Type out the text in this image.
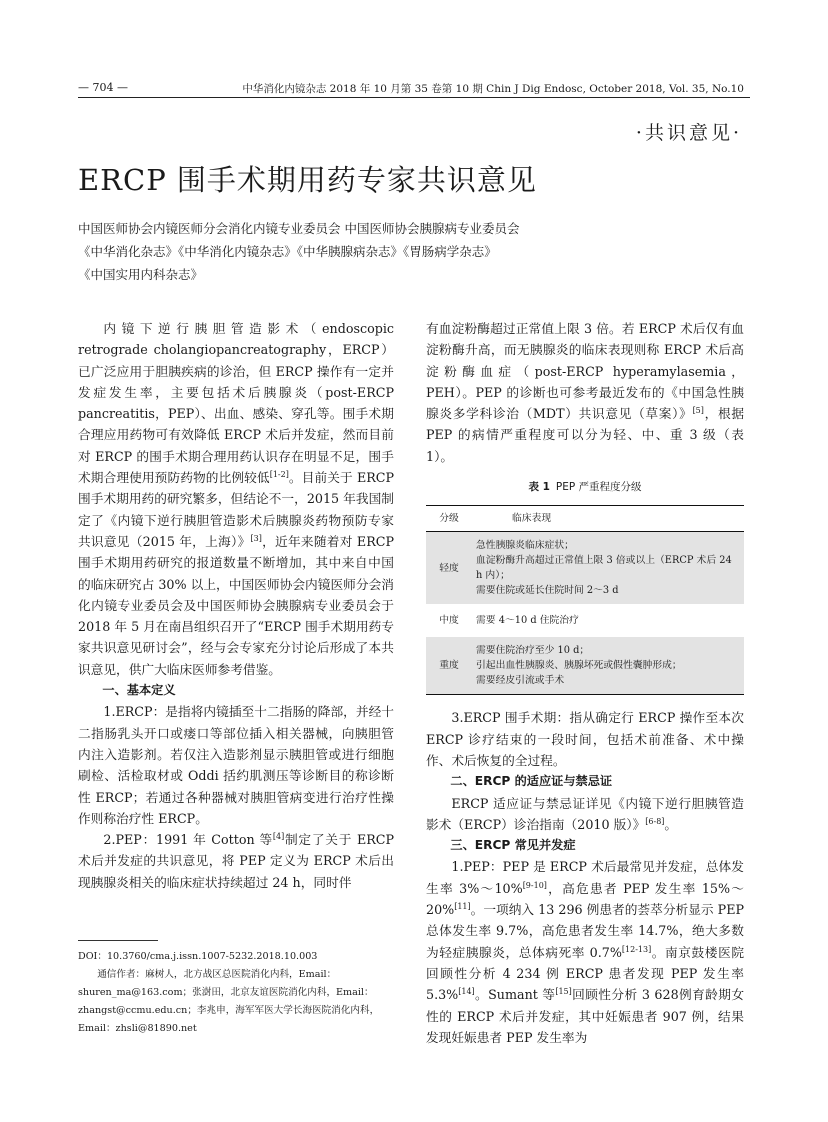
— 704 —	中华消化内镜杂志 2018 年 10 月第 35 卷第 10 期 Chin J Dig Endosc, October 2018, Vol. 35, No.10
·共识意见·
ERCP 围手术期用药专家共识意见
中国医师协会内镜医师分会消化内镜专业委员会 中国医师协会胰腺病专业委员会
《中华消化杂志》《中华消化内镜杂志》《中华胰腺病杂志》《胃肠病学杂志》
《中国实用内科杂志》

内镜下逆行胰胆管造影术（endoscopic retrograde cholangiopancreatography，ERCP）已广泛应用于胆胰疾病的诊治，但 ERCP 操作有一定并发症发生率，主要包括术后胰腺炎（post-ERCP pancreatitis，PEP）、出血、感染、穿孔等。围手术期合理应用药物可有效降低 ERCP 术后并发症，然而目前对 ERCP 的围手术期合理用药认识存在明显不足，围手术期合理使用预防药物的比例较低[1-2]。目前关于 ERCP 围手术期用药的研究繁多，但结论不一，2015 年我国制定了《内镜下逆行胰胆管造影术后胰腺炎药物预防专家共识意见（2015 年，上海）》[3]，近年来随着对 ERCP 围手术期用药研究的报道数量不断增加，其中来自中国的临床研究占 30% 以上，中国医师协会内镜医师分会消化内镜专业委员会及中国医师协会胰腺病专业委员会于 2018 年 5 月在南昌组织召开了“ERCP 围手术期用药专家共识意见研讨会”，经与会专家充分讨论后形成了本共识意见，供广大临床医师参考借鉴。

一、基本定义

1.ERCP：是指将内镜插至十二指肠的降部，并经十二指肠乳头开口或瘘口等部位插入相关器械，向胰胆管内注入造影剂。若仅注入造影剂显示胰胆管或进行细胞刷检、活检取材或 Oddi 括约肌测压等诊断目的称诊断性 ERCP；若通过各种器械对胰胆管病变进行治疗性操作则称治疗性 ERCP。

2.PEP：1991 年 Cotton 等[4]制定了关于 ERCP 术后并发症的共识意见，将 PEP 定义为 ERCP 术后出现胰腺炎相关的临床症状持续超过 24 h，同时伴

DOI：10.3760/cma.j.issn.1007-5232.2018.10.003
通信作者：麻树人，北方战区总医院消化内科，Email：shuren_ma@163.com；张澍田，北京友谊医院消化内科，Email：zhangst@ccmu.edu.cn；李兆申，海军军医大学长海医院消化内科，Email：zhsli@81890.net

有血淀粉酶超过正常值上限 3 倍。若 ERCP 术后仅有血淀粉酶升高，而无胰腺炎的临床表现则称 ERCP 术后高淀粉酶血症（post-ERCP hyperamylasemia，PEH）。PEP 的诊断也可参考最近发布的《中国急性胰腺炎多学科诊治（MDT）共识意见（草案）》[5]，根据 PEP 的病情严重程度可以分为轻、中、重 3 级（表 1）。

表 1 PEP 严重程度分级
分级	临床表现
轻度	急性胰腺炎临床症状；
血淀粉酶升高超过正常值上限 3 倍或以上（ERCP 术后 24 h 内）；
需要住院或延长住院时间 2～3 d

中度	需要 4～10 d 住院治疗

重度	需要住院治疗至少 10 d；
引起出血性胰腺炎、胰腺坏死或假性囊肿形成；
需要经皮引流或手术

3.ERCP 围手术期：指从确定行 ERCP 操作至本次 ERCP 诊疗结束的一段时间，包括术前准备、术中操作、术后恢复的全过程。

二、ERCP 的适应证与禁忌证

ERCP 适应证与禁忌证详见《内镜下逆行胆胰管造影术（ERCP）诊治指南（2010 版）》[6-8]。

三、ERCP 常见并发症

1.PEP：PEP 是 ERCP 术后最常见并发症，总体发生率 3%～10%[9-10]，高危患者 PEP 发生率 15%～20%[11]。一项纳入 13 296 例患者的荟萃分析显示 PEP 总体发生率 9.7%，高危患者发生率 14.7%，绝大多数为轻症胰腺炎，总体病死率 0.7%[12-13]。南京鼓楼医院回顾性分析 4 234 例 ERCP 患者发现 PEP 发生率 5.3%[14]。Sumant 等[15]回顾性分析 3 628例育龄期女性的 ERCP 术后并发症，其中妊娠患者 907 例，结果发现妊娠患者 PEP 发生率为
